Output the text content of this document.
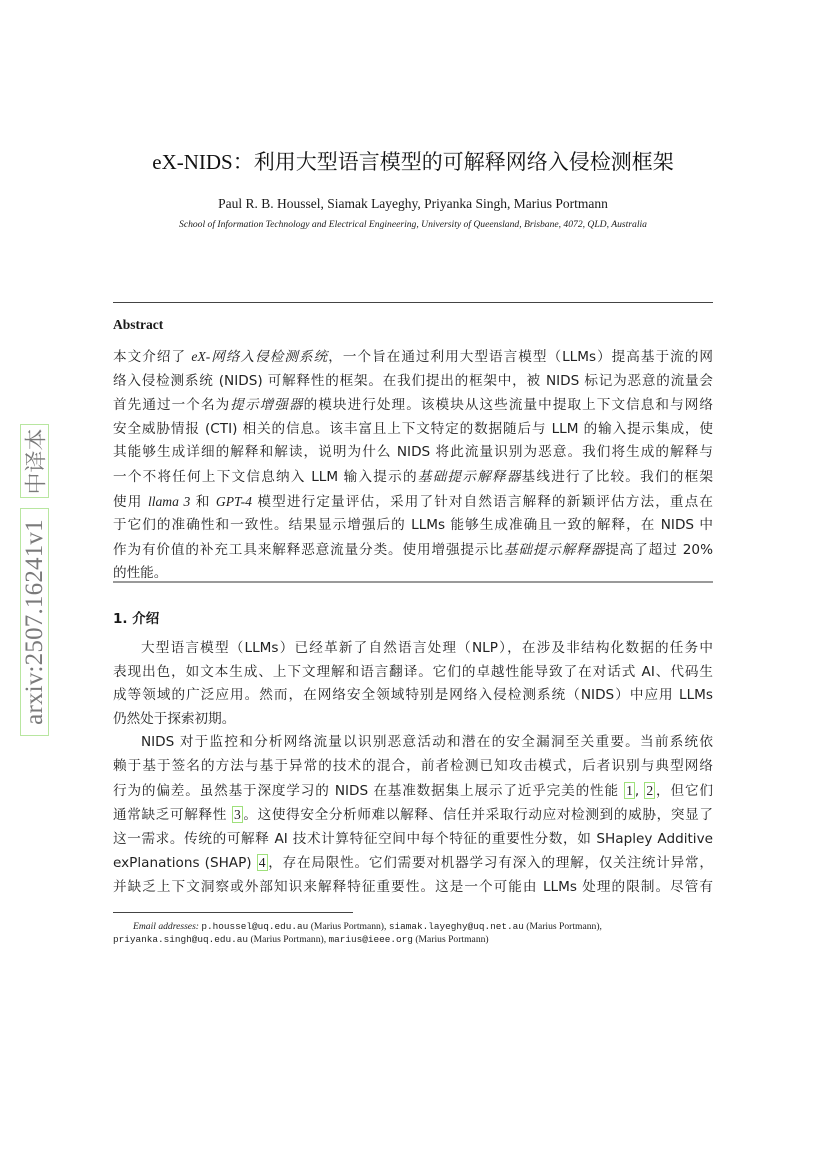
中译本
arxiv:2507.16241v1
eX-NIDS：利用大型语言模型的可解释网络入侵检测框架
Paul R. B. Houssel, Siamak Layeghy, Priyanka Singh, Marius Portmann
School of Information Technology and Electrical Engineering, University of Queensland, Brisbane, 4072, QLD, Australia
Abstract
本文介绍了 eX-网络入侵检测系统，一个旨在通过利用大型语言模型（LLMs）提高基于流的网
络入侵检测系统 (NIDS) 可解释性的框架。在我们提出的框架中，被 NIDS 标记为恶意的流量会
首先通过一个名为提示增强器的模块进行处理。该模块从这些流量中提取上下文信息和与网络
安全威胁情报 (CTI) 相关的信息。该丰富且上下文特定的数据随后与 LLM 的输入提示集成，使
其能够生成详细的解释和解读，说明为什么 NIDS 将此流量识别为恶意。我们将生成的解释与
一个不将任何上下文信息纳入 LLM 输入提示的基础提示解释器基线进行了比较。我们的框架
使用 llama 3 和 GPT-4 模型进行定量评估，采用了针对自然语言解释的新颖评估方法，重点在
于它们的准确性和一致性。结果显示增强后的 LLMs 能够生成准确且一致的解释，在 NIDS 中
作为有价值的补充工具来解释恶意流量分类。使用增强提示比基础提示解释器提高了超过 20%
的性能。
1. 介绍
大型语言模型（LLMs）已经革新了自然语言处理（NLP），在涉及非结构化数据的任务中
表现出色，如文本生成、上下文理解和语言翻译。它们的卓越性能导致了在对话式 AI、代码生
成等领域的广泛应用。然而，在网络安全领域特别是网络入侵检测系统（NIDS）中应用 LLMs
仍然处于探索初期。
NIDS 对于监控和分析网络流量以识别恶意活动和潜在的安全漏洞至关重要。当前系统依
赖于基于签名的方法与基于异常的技术的混合，前者检测已知攻击模式，后者识别与典型网络
行为的偏差。虽然基于深度学习的 NIDS 在基准数据集上展示了近乎完美的性能 1 , 2 ，但它们
通常缺乏可解释性 3 。这使得安全分析师难以解释、信任并采取行动应对检测到的威胁，突显了
这一需求。传统的可解释 AI 技术计算特征空间中每个特征的重要性分数，如 SHapley Additive
exPlanations (SHAP) 4 ，存在局限性。它们需要对机器学习有深入的理解，仅关注统计异常，
并缺乏上下文洞察或外部知识来解释特征重要性。这是一个可能由 LLMs 处理的限制。尽管有
Email addresses: p.houssel@uq.edu.au (Marius Portmann), siamak.layeghy@uq.net.au (Marius Portmann),
priyanka.singh@uq.edu.au (Marius Portmann), marius@ieee.org (Marius Portmann)
